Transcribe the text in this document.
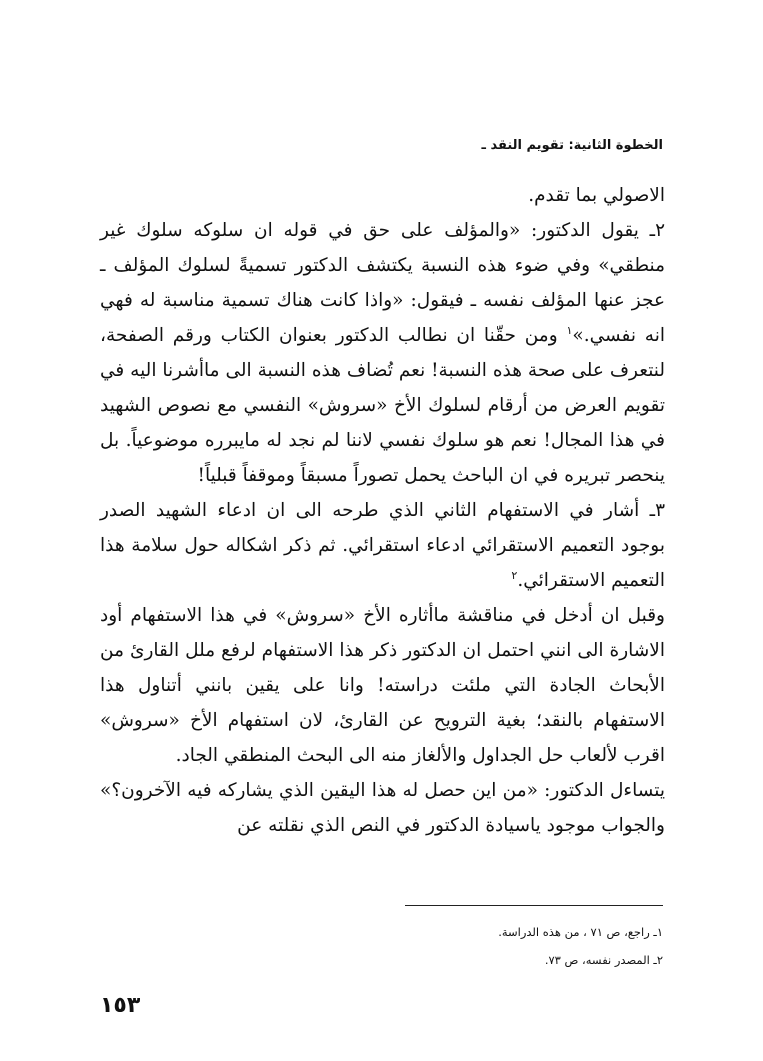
الخطوة الثانية: تقويم النقد ـ

الاصولي بما تقدم.

٢ـ يقول الدكتور: «والمؤلف على حق في قوله ان سلوكه سلوك غير منطقي» وفي ضوء هذه النسبة يكتشف الدكتور تسميةً لسلوك المؤلف ـ عجز عنها المؤلف نفسه ـ فيقول: «واذا كانت هناك تسمية مناسبة له فهي انه نفسي.»$^١$ ومن حقّنا ان نطالب الدكتور بعنوان الكتاب ورقم الصفحة، لنتعرف على صحة هذه النسبة! نعم تُضاف هذه النسبة الى ماأشرنا اليه في تقويم العرض من أرقام لسلوك الأخ «سروش» النفسي مع نصوص الشهيد في هذا المجال! نعم هو سلوك نفسي لاننا لم نجد له مايبرره موضوعياً. بل ينحصر تبريره في ان الباحث يحمل تصوراً مسبقاً وموقفاً قبلياً!

٣ـ أشار في الاستفهام الثاني الذي طرحه الى ان ادعاء الشهيد الصدر بوجود التعميم الاستقرائي ادعاء استقرائي. ثم ذكر اشكاله حول سلامة هذا التعميم الاستقرائي.$^٢$

وقبل ان أدخل في مناقشة ماأثاره الأخ «سروش» في هذا الاستفهام أود الاشارة الى انني احتمل ان الدكتور ذكر هذا الاستفهام لرفع ملل القارئ من الأبحاث الجادة التي ملئت دراسته! وانا على يقين بانني أتناول هذا الاستفهام بالنقد؛ بغية الترويح عن القارئ، لان استفهام الأخ «سروش» اقرب لألعاب حل الجداول والألغاز منه الى البحث المنطقي الجاد.

يتساءل الدكتور: «من اين حصل له هذا اليقين الذي يشاركه فيه الآخرون؟» والجواب موجود ياسيادة الدكتور في النص الذي نقلته عن

١ـ راجع، ص ٧١ ، من هذه الدراسة.
٢ـ المصدر نفسه، ص ٧٣.
١٥٣
